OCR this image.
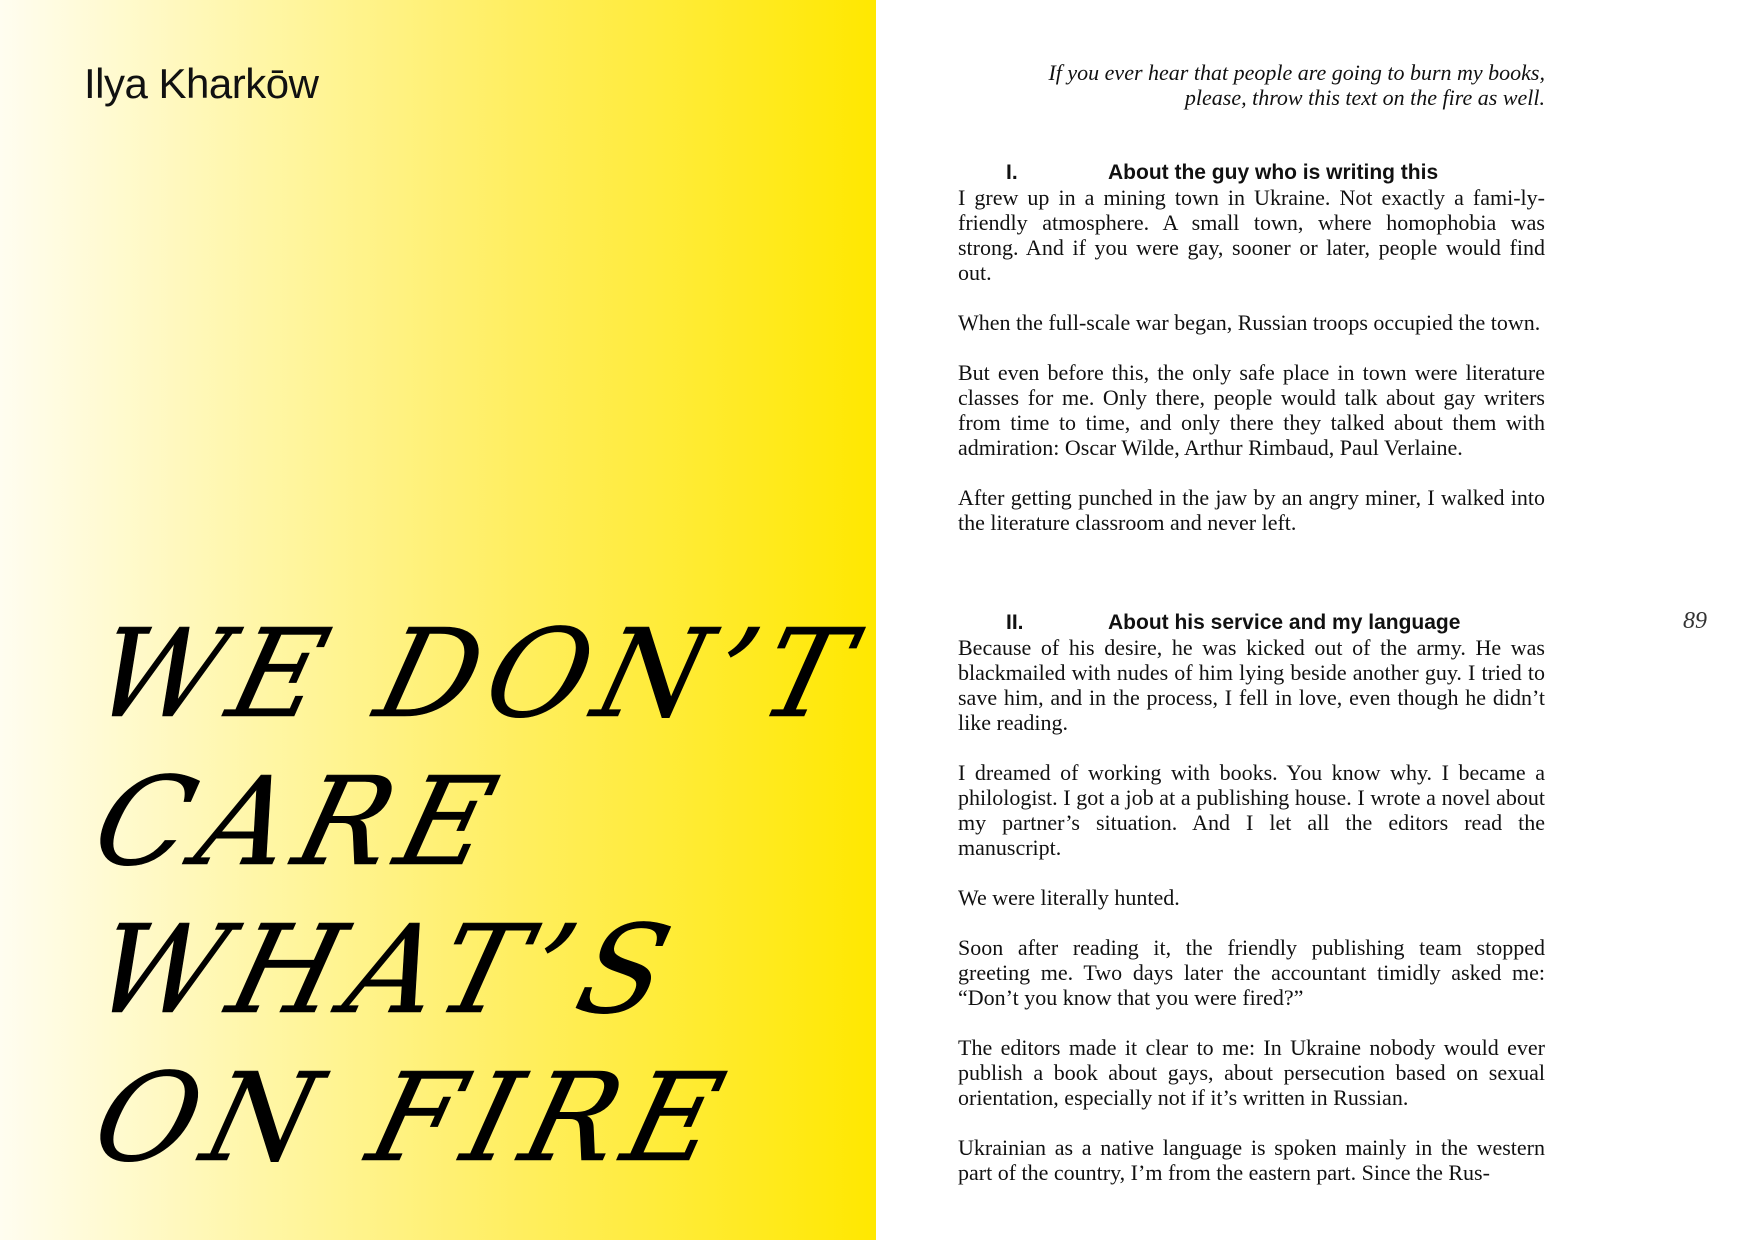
Ilya Kharkōw
WE DON’T
CARE
WHAT’S
ON FIRE
If you ever hear that people are going to burn my books,
please, throw this text on the fire as well.
I.	About the guy who is writing this

I grew up in a mining town in Ukraine. Not exactly a fami-ly-friendly atmosphere. A small town, where homophobia was strong. And if you were gay, sooner or later, people would find out.

When the full-scale war began, Russian troops occupied the town.

But even before this, the only safe place in town were literature classes for me. Only there, people would talk about gay writers from time to time, and only there they talked about them with admiration: Oscar Wilde, Arthur Rimbaud, Paul Verlaine.

After getting punched in the jaw by an angry miner, I walked into the literature classroom and never left.

II.	About his service and my language

Because of his desire, he was kicked out of the army. He was blackmailed with nudes of him lying beside another guy. I tried to save him, and in the process, I fell in love, even though he didn’t like reading.

I dreamed of working with books. You know why. I became a philologist. I got a job at a publishing house. I wrote a novel about my partner’s situation. And I let all the editors read the manuscript.

We were literally hunted.

Soon after reading it, the friendly publishing team stopped greeting me. Two days later the accountant timidly asked me: “Don’t you know that you were fired?”

The editors made it clear to me: In Ukraine nobody would ever publish a book about gays, about persecution based on sexual orientation, especially not if it’s written in Russian.

Ukrainian as a native language is spoken mainly in the western part of the country, I’m from the eastern part. Since the Rus-

89
